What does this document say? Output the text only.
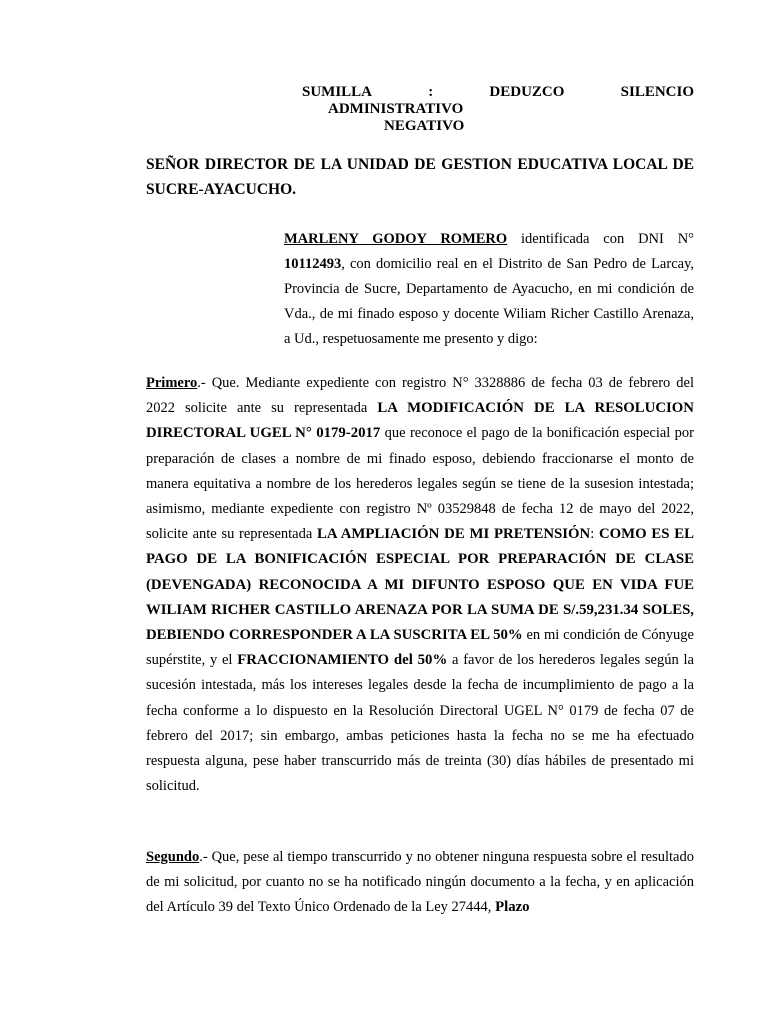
SUMILLA	:	DEDUZCO	SILENCIO
ADMINISTRATIVO
NEGATIVO
SEÑOR DIRECTOR DE LA UNIDAD DE GESTION EDUCATIVA LOCAL DE SUCRE-AYACUCHO.
MARLENY GODOY ROMERO identificada con DNI N° 10112493, con domicilio real en el Distrito de San Pedro de Larcay, Provincia de Sucre, Departamento de Ayacucho, en mi condición de Vda., de mi finado esposo y docente Wiliam Richer Castillo Arenaza, a Ud., respetuosamente me presento y digo:
Primero.- Que. Mediante expediente con registro N° 3328886 de fecha 03 de febrero del 2022 solicite ante su representada LA MODIFICACIÓN DE LA RESOLUCION DIRECTORAL UGEL N° 0179-2017 que reconoce el pago de la bonificación especial por preparación de clases a nombre de mi finado esposo, debiendo fraccionarse el monto de manera equitativa a nombre de los herederos legales según se tiene de la susesion intestada; asimismo, mediante expediente con registro Nº 03529848 de fecha 12 de mayo del 2022, solicite ante su representada LA AMPLIACIÓN DE MI PRETENSIÓN: COMO ES EL PAGO DE LA BONIFICACIÓN ESPECIAL POR PREPARACIÓN DE CLASE (DEVENGADA) RECONOCIDA A MI DIFUNTO ESPOSO QUE EN VIDA FUE WILIAM RICHER CASTILLO ARENAZA POR LA SUMA DE S/.59,231.34 SOLES, DEBIENDO CORRESPONDER A LA SUSCRITA EL 50% en mi condición de Cónyuge supérstite, y el FRACCIONAMIENTO del 50% a favor de los herederos legales según la sucesión intestada, más los intereses legales desde la fecha de incumplimiento de pago a la fecha conforme a lo dispuesto en la Resolución Directoral UGEL N° 0179 de fecha 07 de febrero del 2017; sin embargo, ambas peticiones hasta la fecha no se me ha efectuado respuesta alguna, pese haber transcurrido más de treinta (30) días hábiles de presentado mi solicitud.
Segundo.- Que, pese al tiempo transcurrido y no obtener ninguna respuesta sobre el resultado de mi solicitud, por cuanto no se ha notificado ningún documento a la fecha, y en aplicación del Artículo 39 del Texto Único Ordenado de la Ley 27444, Plazo
